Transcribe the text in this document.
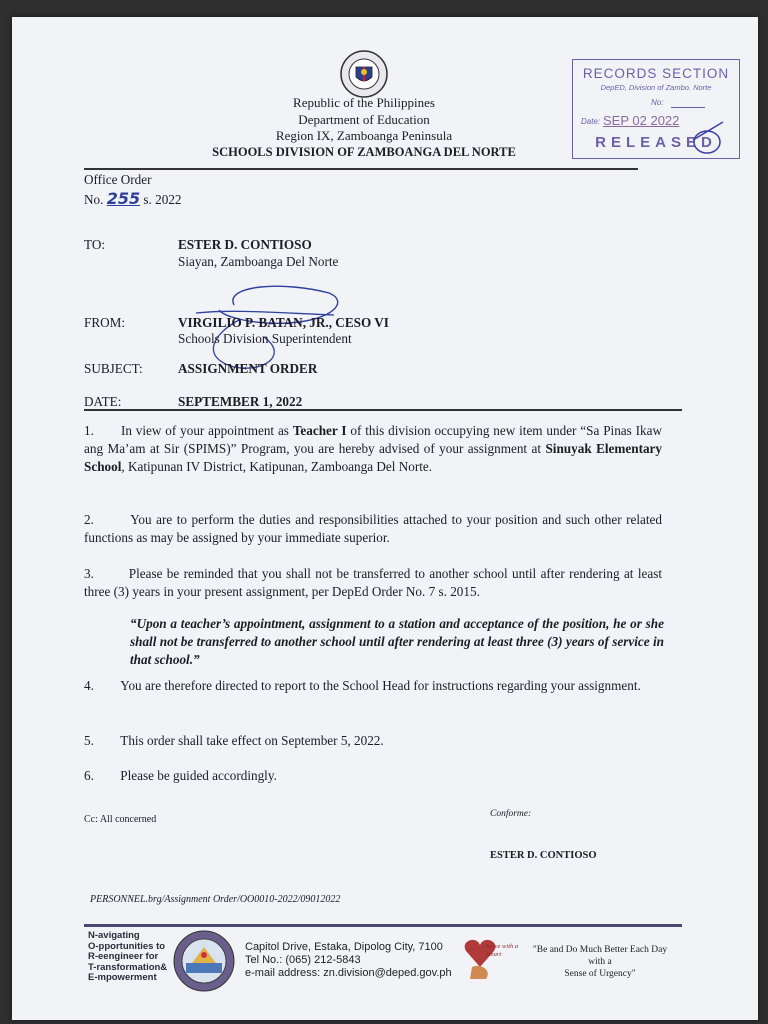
Republic of the Philippines
Department of Education
Region IX, Zamboanga Peninsula
SCHOOLS DIVISION OF ZAMBOANGA DEL NORTE
RECORDS SECTION
DepED, Division of Zambo. Norte
No:
Date: SEP 02 2022
RELEASED
Office Order
No. 255 s. 2022
TO:	ESTER D. CONTIOSO
Siayan, Zamboanga Del Norte
FROM:	VIRGILIO P. BATAN, JR., CESO VI
Schools Division Superintendent
SUBJECT:	ASSIGNMENT ORDER
DATE:	SEPTEMBER 1, 2022
1. In view of your appointment as Teacher I of this division occupying new item under “Sa Pinas Ikaw ang Ma’am at Sir (SPIMS)” Program, you are hereby advised of your assignment at Sinuyak Elementary School, Katipunan IV District, Katipunan, Zamboanga Del Norte.
2.	You are to perform the duties and responsibilities attached to your position and such other related functions as may be assigned by your immediate superior.
3.	Please be reminded that you shall not be transferred to another school until after rendering at least three (3) years in your present assignment, per DepEd Order No. 7 s. 2015.
“Upon a teacher’s appointment, assignment to a station and acceptance of the position, he or she shall not be transferred to another school until after rendering at least three (3) years of service in that school.”
4. You are therefore directed to report to the School Head for instructions regarding your assignment.
5. This order shall take effect on September 5, 2022.
6. Please be guided accordingly.
Cc: All concerned	Conforme:
ESTER D. CONTIOSO
PERSONNEL.brg/Assignment Order/OO0010-2022/09012022
N-avigating
O-pportunities to
R-eengineer for
T-ransformation&
E-mpowerment
Capitol Drive, Estaka, Dipolog City, 7100
Tel No.: (065) 212-5843
e-mail address: zn.division@deped.gov.ph
Serve with a Heart	"Be and Do Much Better Each Day
with a
Sense of Urgency"
